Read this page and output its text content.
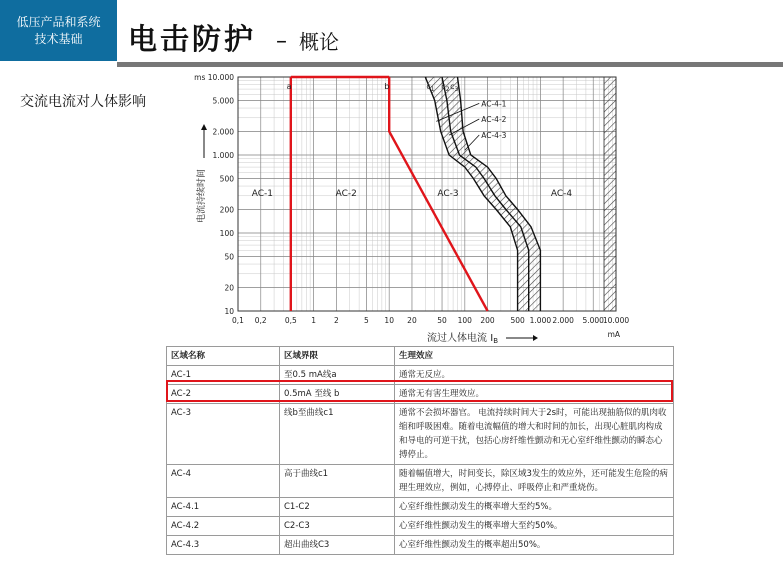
低压产品和系统
技术基础	电击防护 – 概论
交流电流对人体影响
a	b	$c_1$ $c_2$ $c_3$
AC-1	AC-2	AC-3	AC-4
AC-4-1
AC-4-2
AC-4-3
0,1 0,2 0,5 1 2	5 10 20	50 100 200 500 1.000 2.000 5.000
10.000
10
20
50
100
200
500
1.000
2.000
5.000
ms 10.000
mA
流过人体电流 $I_B$
电流持续时间
区域名称	区域界限	生理效应
AC-1	至0.5 mA线a	通常无反应。
AC-2	0.5mA 至线 b	通常无有害生理效应。
AC-3	线b至曲线c1	通常不会损坏器官。 电流持续时间大于2s时，可能出现抽筋似的肌肉收缩和呼吸困难。随着电流幅值的增大和时间的加长，出现心脏肌肉构成和导电的可逆干扰，包括心房纤维性颤动和无心室纤维性颤动的瞬态心搏停止。
AC-4	高于曲线c1	随着幅值增大，时间变长，除区域3发生的效应外，还可能发生危险的病理生理效应，例如，心搏停止、呼吸停止和严重烧伤。
AC-4.1	C1-C2	心室纤维性颤动发生的概率增大至约5%。
AC-4.2	C2-C3	心室纤维性颤动发生的概率增大至约50%。
AC-4.3	超出曲线C3	心室纤维性颤动发生的概率超出50%。
